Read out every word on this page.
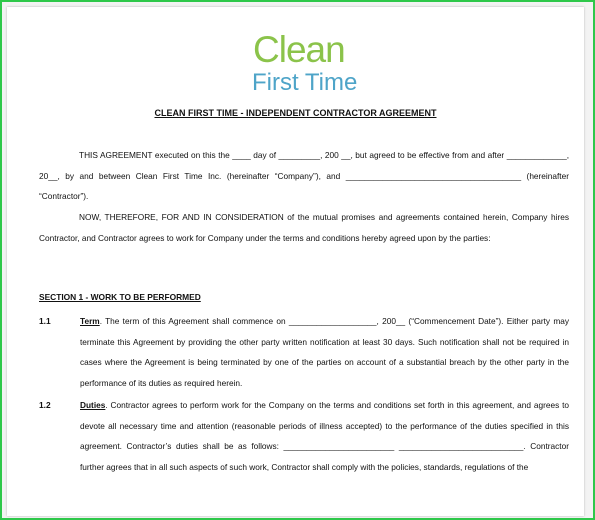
Clean
First Time
CLEAN FIRST TIME - INDEPENDENT CONTRACTOR AGREEMENT
THIS AGREEMENT executed on this the ____ day of _________, 200 __, but agreed to be effective from and after _____________, 20__, by and between Clean First Time Inc. (hereinafter “Company”), and ______________________________________ (hereinafter “Contractor”).
NOW, THEREFORE, FOR AND IN CONSIDERATION of the mutual promises and agreements contained herein, Company hires Contractor, and Contractor agrees to work for Company under the terms and conditions hereby agreed upon by the parties:
SECTION 1 - WORK TO BE PERFORMED
1.1	Term. The term of this Agreement shall commence on ___________________, 200__ (“Commencement Date”). Either party may terminate this Agreement by providing the other party written notification at least 30 days. Such notification shall not be required in cases where the Agreement is being terminated by one of the parties on account of a substantial breach by the other party in the performance of its duties as required herein.
1.2	Duties. Contractor agrees to perform work for the Company on the terms and conditions set forth in this agreement, and agrees to devote all necessary time and attention (reasonable periods of illness accepted) to the performance of the duties specified in this agreement. Contractor’s duties shall be as follows: ________________________ ___________________________. Contractor further agrees that in all such aspects of such work, Contractor shall comply with the policies, standards, regulations of the
